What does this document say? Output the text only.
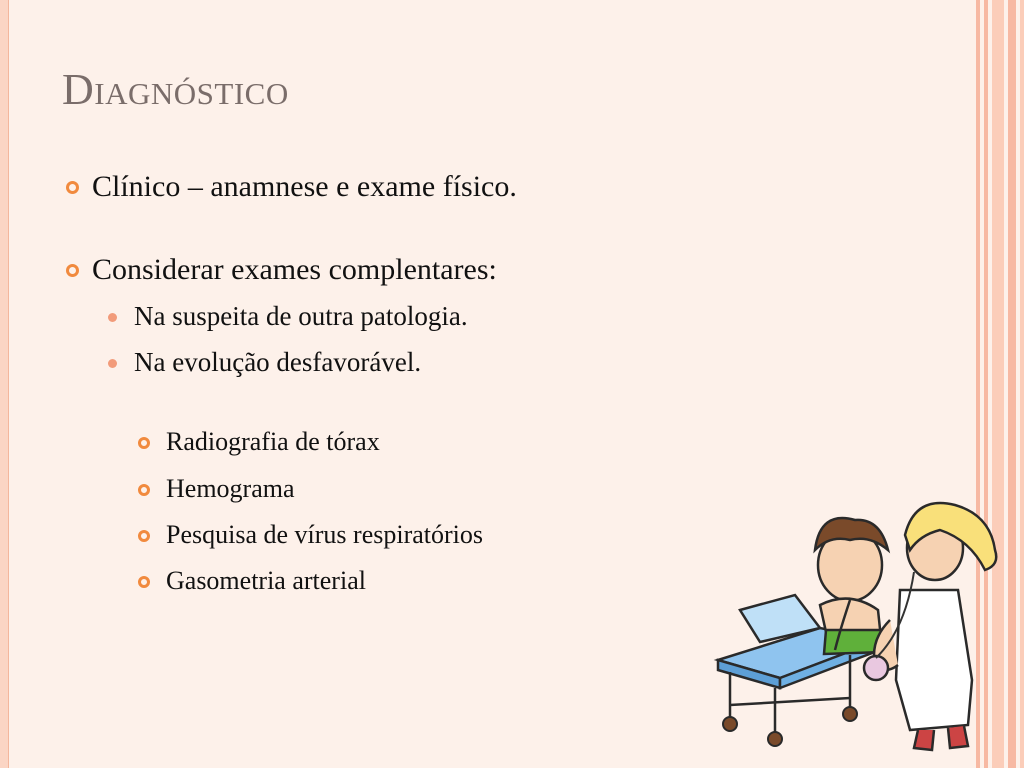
Diagnóstico
Clínico – anamnese e exame físico.
Considerar exames complentares:
Na suspeita de outra patologia.
Na evolução desfavorável.
Radiografia de tórax
Hemograma
Pesquisa de vírus respiratórios
Gasometria arterial
